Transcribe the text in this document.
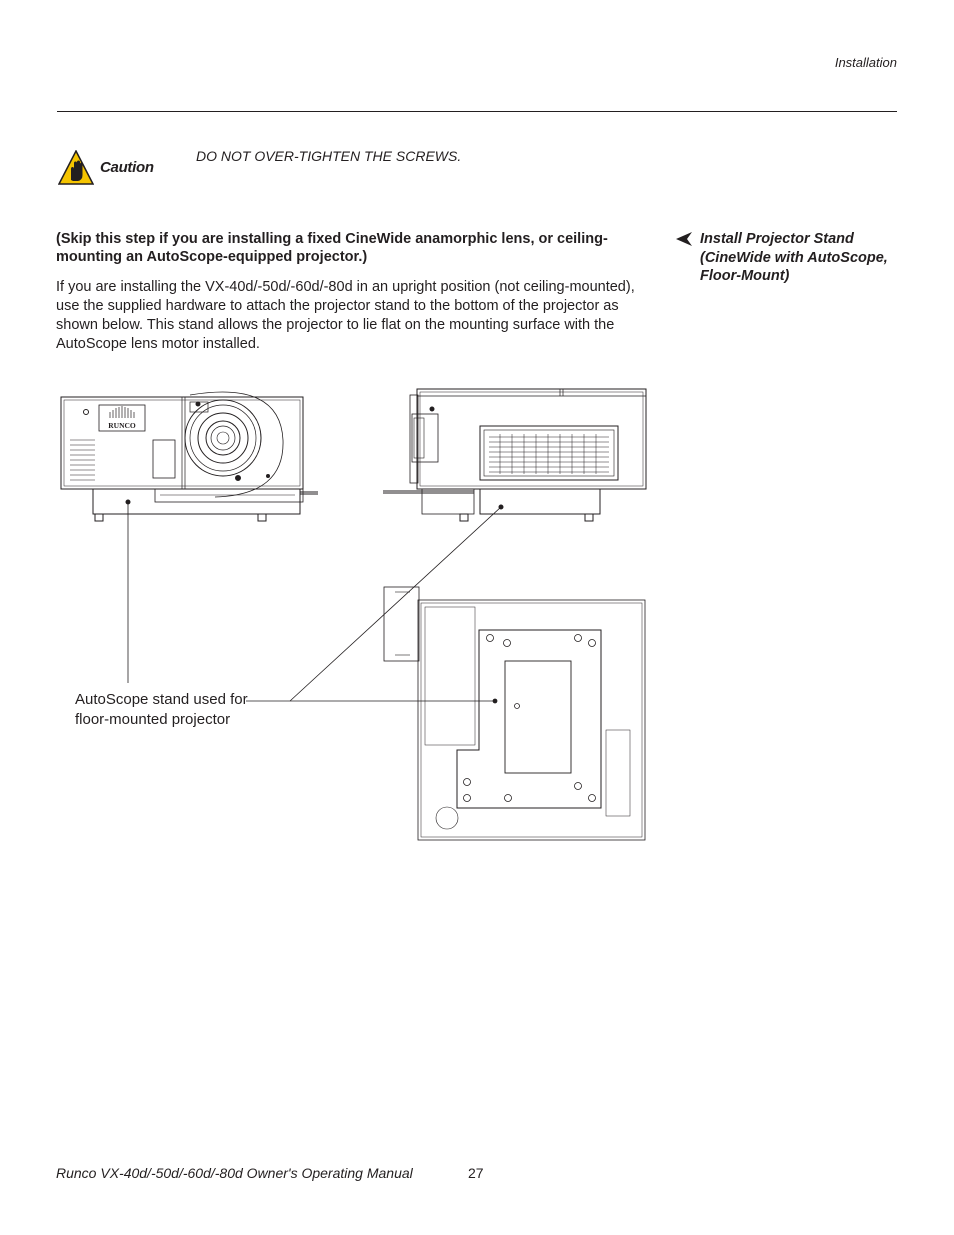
Installation
Caution
DO NOT OVER-TIGHTEN THE SCREWS.
(Skip this step if you are installing a fixed CineWide anamorphic lens, or ceiling-mounting an AutoScope-equipped projector.)
If you are installing the VX-40d/-50d/-60d/-80d in an upright position (not ceiling-mounted), use the supplied hardware to attach the projector stand to the bottom of the projector as shown below. This stand allows the projector to lie flat on the mounting surface with the AutoScope lens motor installed.
Install Projector Stand (CineWide with AutoScope, Floor-Mount)
RUNCO
AutoScope stand used for floor-mounted projector
Runco VX-40d/-50d/-60d/-80d Owner's Operating Manual	27
